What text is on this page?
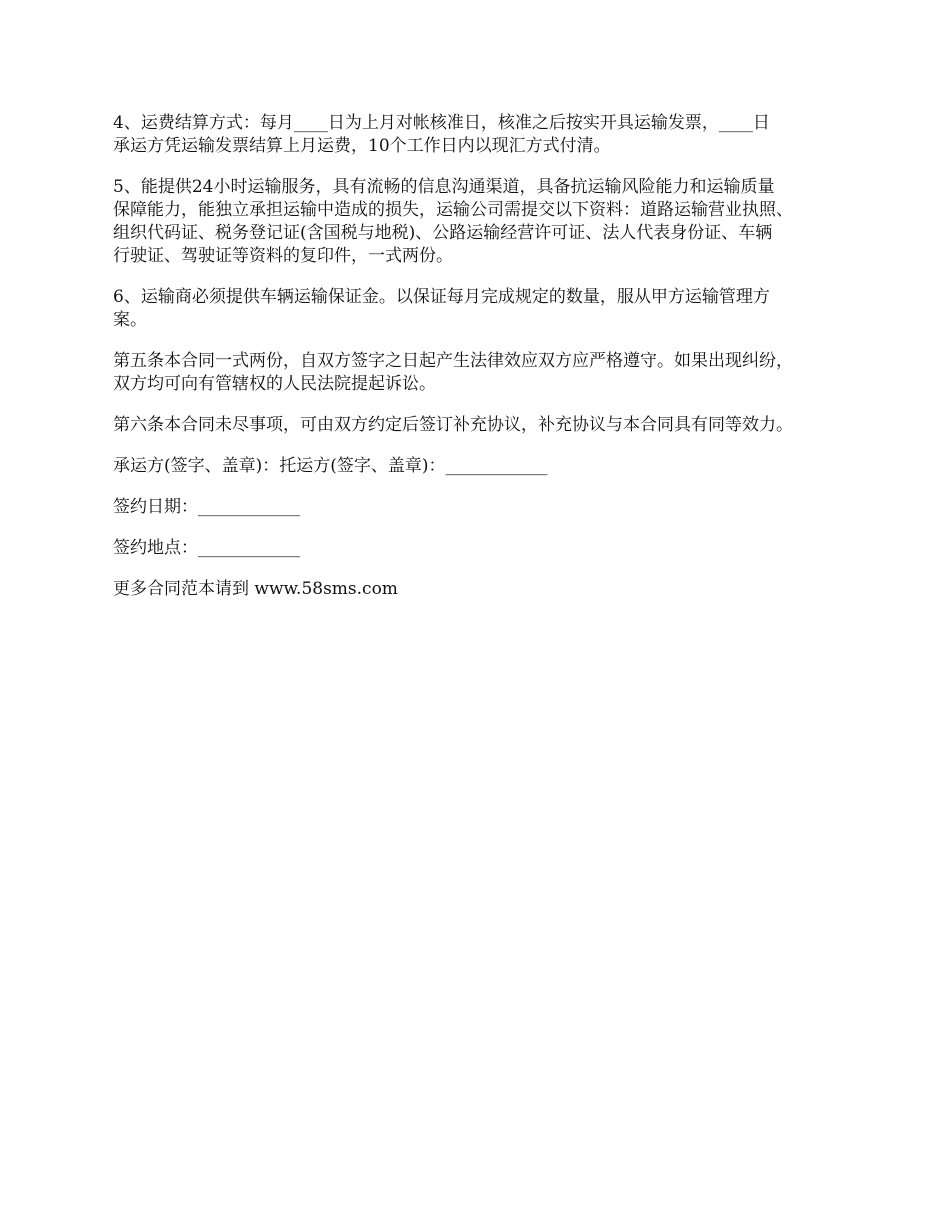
4、运费结算方式：每月____日为上月对帐核准日，核准之后按实开具运输发票，____日
承运方凭运输发票结算上月运费，10个工作日内以现汇方式付清。

5、能提供24小时运输服务，具有流畅的信息沟通渠道，具备抗运输风险能力和运输质量
保障能力，能独立承担运输中造成的损失，运输公司需提交以下资料：道路运输营业执照、
组织代码证、税务登记证(含国税与地税)、公路运输经营许可证、法人代表身份证、车辆
行驶证、驾驶证等资料的复印件，一式两份。

6、运输商必须提供车辆运输保证金。以保证每月完成规定的数量，服从甲方运输管理方
案。

第五条本合同一式两份，自双方签字之日起产生法律效应双方应严格遵守。如果出现纠纷，
双方均可向有管辖权的人民法院提起诉讼。

第六条本合同未尽事项，可由双方约定后签订补充协议，补充协议与本合同具有同等效力。

承运方(签字、盖章)：托运方(签字、盖章)：____________

签约日期：____________

签约地点：____________

更多合同范本请到 www.58sms.com
